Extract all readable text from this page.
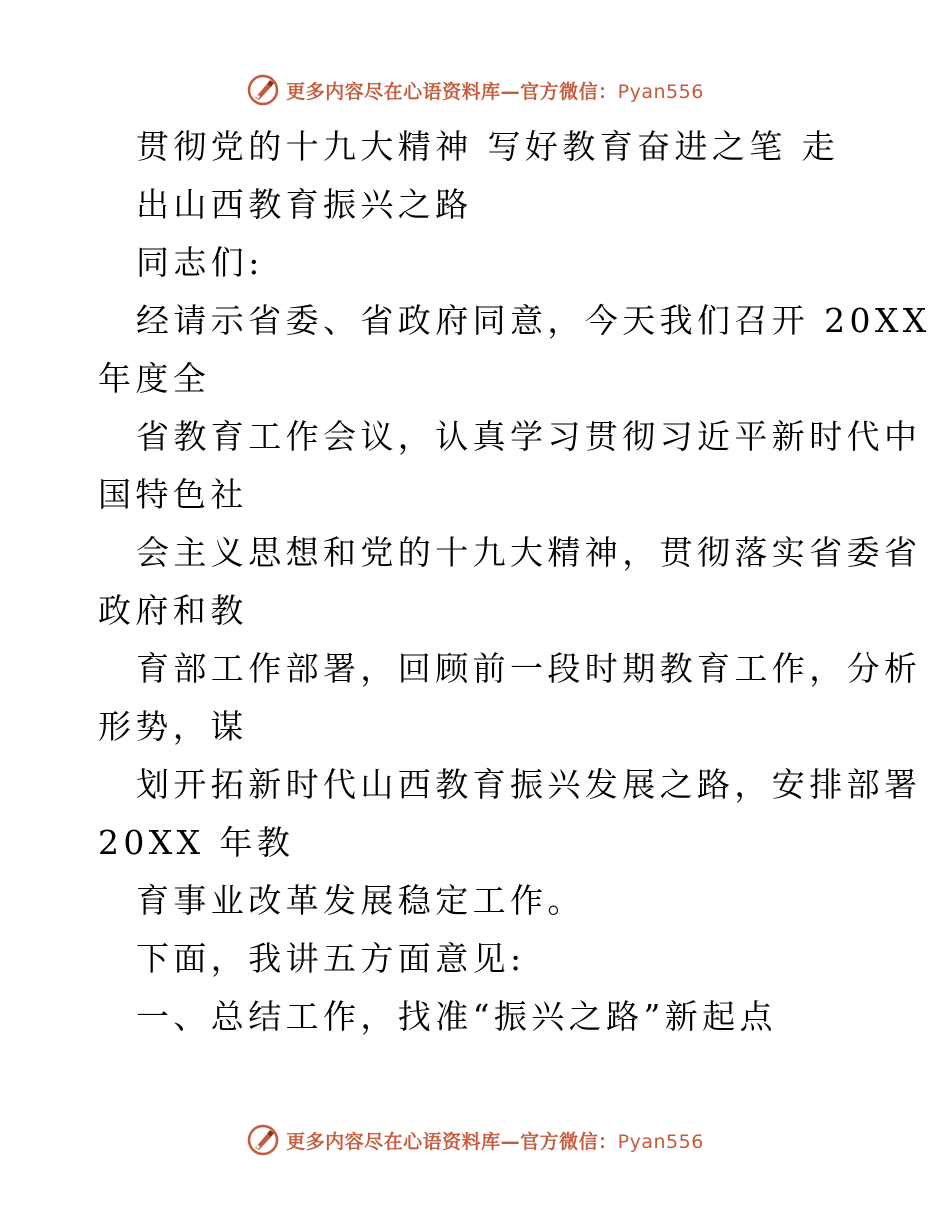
更多内容尽在心语资料库—官方微信：Pyan556
贯彻党的十九大精神 写好教育奋进之笔 走
出山西教育振兴之路
同志们:
经请示省委、省政府同意，今天我们召开 20XX
年度全
省教育工作会议，认真学习贯彻习近平新时代中
国特色社
会主义思想和党的十九大精神，贯彻落实省委省
政府和教
育部工作部署，回顾前一段时期教育工作，分析
形势，谋
划开拓新时代山西教育振兴发展之路，安排部署
20XX 年教
育事业改革发展稳定工作。
下面，我讲五方面意见:
一、总结工作，找准“振兴之路”新起点
更多内容尽在心语资料库—官方微信：Pyan556
